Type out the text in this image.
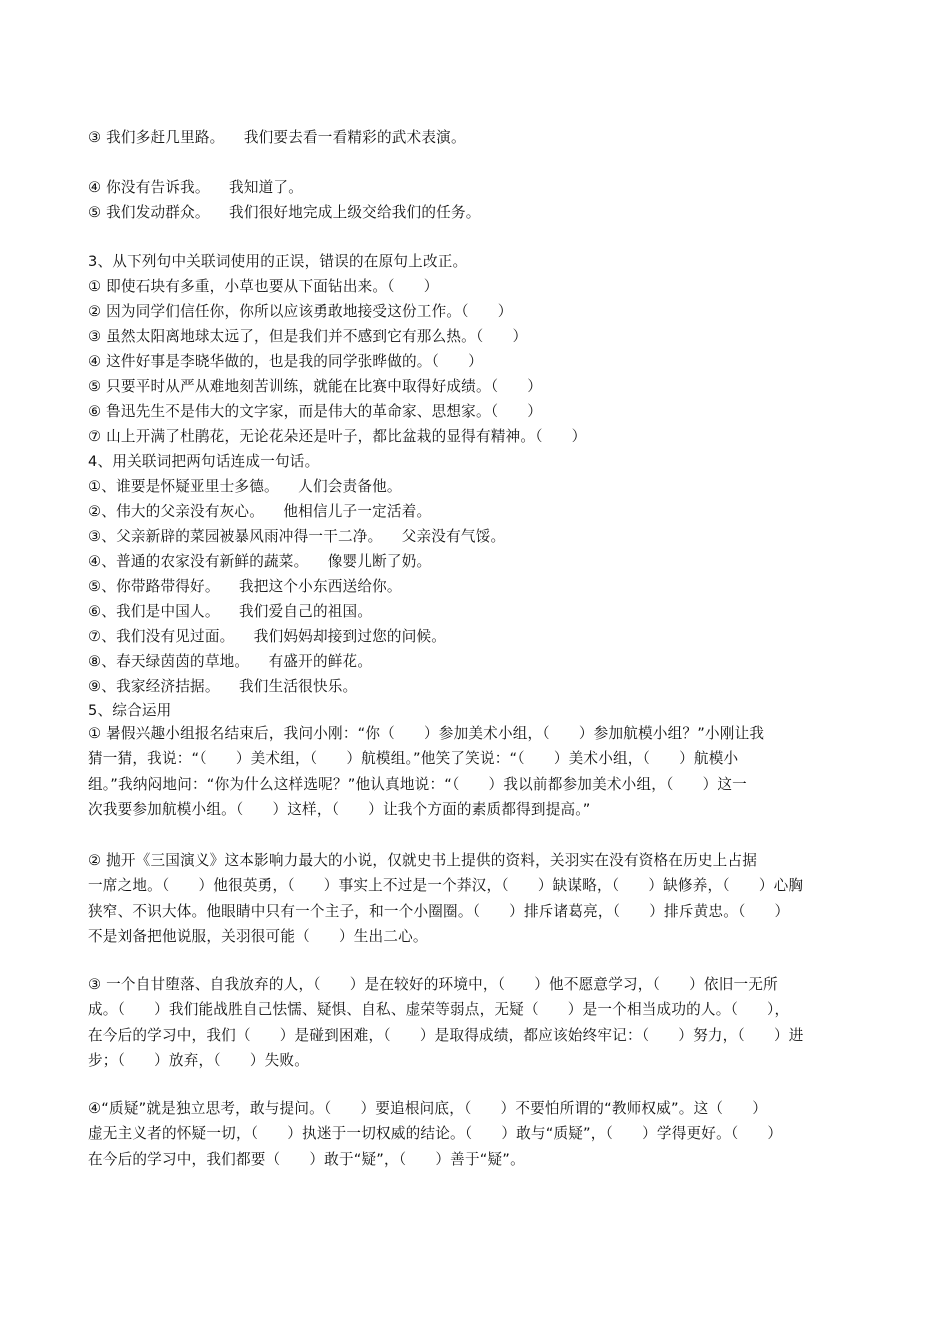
③ 我们多赶几里路。    我们要去看一看精彩的武术表演。
④ 你没有告诉我。    我知道了。
⑤ 我们发动群众。    我们很好地完成上级交给我们的任务。
3、从下列句中关联词使用的正误，错误的在原句上改正。
① 即使石块有多重，小草也要从下面钻出来。（      ）
② 因为同学们信任你，你所以应该勇敢地接受这份工作。（      ）
③ 虽然太阳离地球太远了，但是我们并不感到它有那么热。（      ）
④ 这件好事是李晓华做的，也是我的同学张晔做的。（      ）
⑤ 只要平时从严从难地刻苦训练，就能在比赛中取得好成绩。（      ）
⑥ 鲁迅先生不是伟大的文字家，而是伟大的革命家、思想家。（      ）
⑦ 山上开满了杜鹃花，无论花朵还是叶子，都比盆栽的显得有精神。（      ）
4、用关联词把两句话连成一句话。
①、谁要是怀疑亚里士多德。    人们会责备他。
②、伟大的父亲没有灰心。    他相信儿子一定活着。
③、父亲新辟的菜园被暴风雨冲得一干二净。    父亲没有气馁。
④、普通的农家没有新鲜的蔬菜。    像婴儿断了奶。
⑤、你带路带得好。    我把这个小东西送给你。
⑥、我们是中国人。    我们爱自己的祖国。
⑦、我们没有见过面。    我们妈妈却接到过您的问候。
⑧、春天绿茵茵的草地。    有盛开的鲜花。
⑨、我家经济拮据。    我们生活很快乐。
5、综合运用
① 暑假兴趣小组报名结束后，我问小刚：“你（      ）参加美术小组，（      ）参加航模小组？”小刚让我
猜一猜，我说：“（      ）美术组，（      ）航模组。”他笑了笑说：“（      ）美术小组，（      ）航模小
组。”我纳闷地问：“你为什么这样选呢？”他认真地说：“（      ）我以前都参加美术小组，（      ）这一
次我要参加航模小组。（      ）这样，（      ）让我个方面的素质都得到提高。”
② 抛开《三国演义》这本影响力最大的小说，仅就史书上提供的资料，关羽实在没有资格在历史上占据
一席之地。（      ）他很英勇，（      ）事实上不过是一个莽汉，（      ）缺谋略，（      ）缺修养，（      ）心胸
狭窄、不识大体。他眼睛中只有一个主子，和一个小圈圈。（      ）排斥诸葛亮，（      ）排斥黄忠。（      ）
不是刘备把他说服，关羽很可能（      ）生出二心。
③ 一个自甘堕落、自我放弃的人，（      ）是在较好的环境中，（      ）他不愿意学习，（      ）依旧一无所
成。（      ）我们能战胜自己怯懦、疑惧、自私、虚荣等弱点，无疑（      ）是一个相当成功的人。（      ），
在今后的学习中，我们（      ）是碰到困难，（      ）是取得成绩，都应该始终牢记：（      ）努力，（      ）进
步；（      ）放弃，（      ）失败。
④“质疑”就是独立思考，敢与提问。（      ）要追根问底，（      ）不要怕所谓的“教师权威”。这（      ）
虚无主义者的怀疑一切，（      ）执迷于一切权威的结论。（      ）敢与“质疑”，（      ）学得更好。（      ）
在今后的学习中，我们都要（      ）敢于“疑”，（      ）善于“疑”。
